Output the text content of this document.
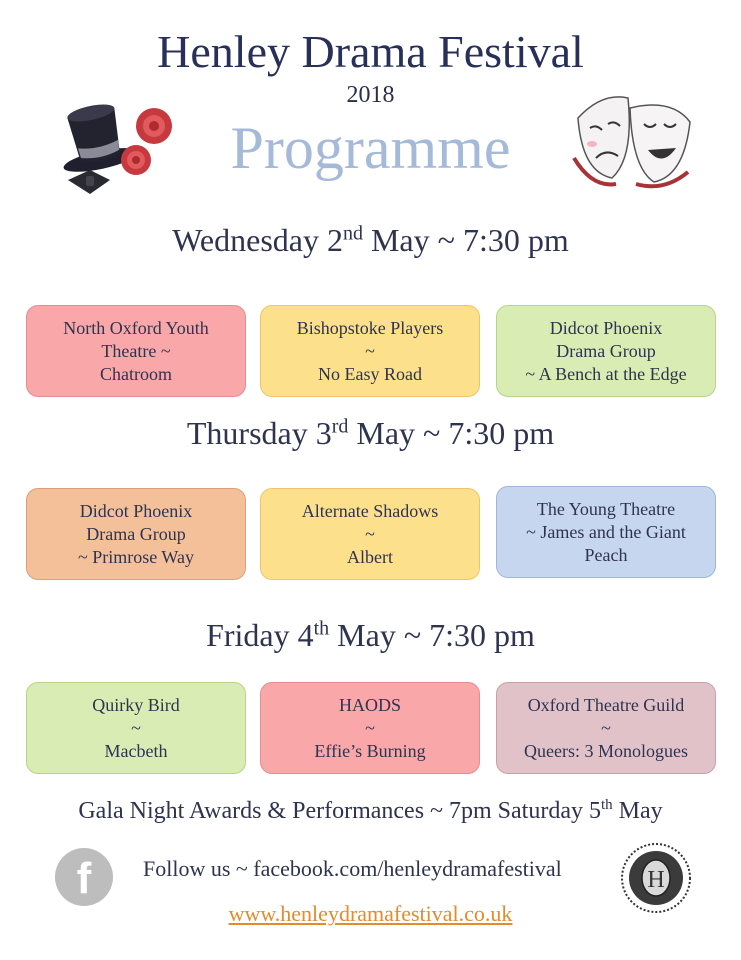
Henley Drama Festival
2018
Programme
Wednesday 2nd May ~ 7:30 pm
North Oxford Youth
Theatre ~
Chatroom
Bishopstoke Players
~
No Easy Road
Didcot Phoenix
Drama Group
~ A Bench at the Edge
Thursday 3rd May ~ 7:30 pm
Didcot Phoenix
Drama Group
~ Primrose Way
Alternate Shadows
~
Albert
The Young Theatre
~ James and the Giant
Peach
Friday 4th May ~ 7:30 pm
Quirky Bird
~
Macbeth
HAODS
~
Effie’s Burning
Oxford Theatre Guild
~
Queers: 3 Monologues
Gala Night Awards & Performances ~ 7pm Saturday 5th May
f	Follow us ~ facebook.com/henleydramafestival
www.henleydramafestival.co.uk
H
